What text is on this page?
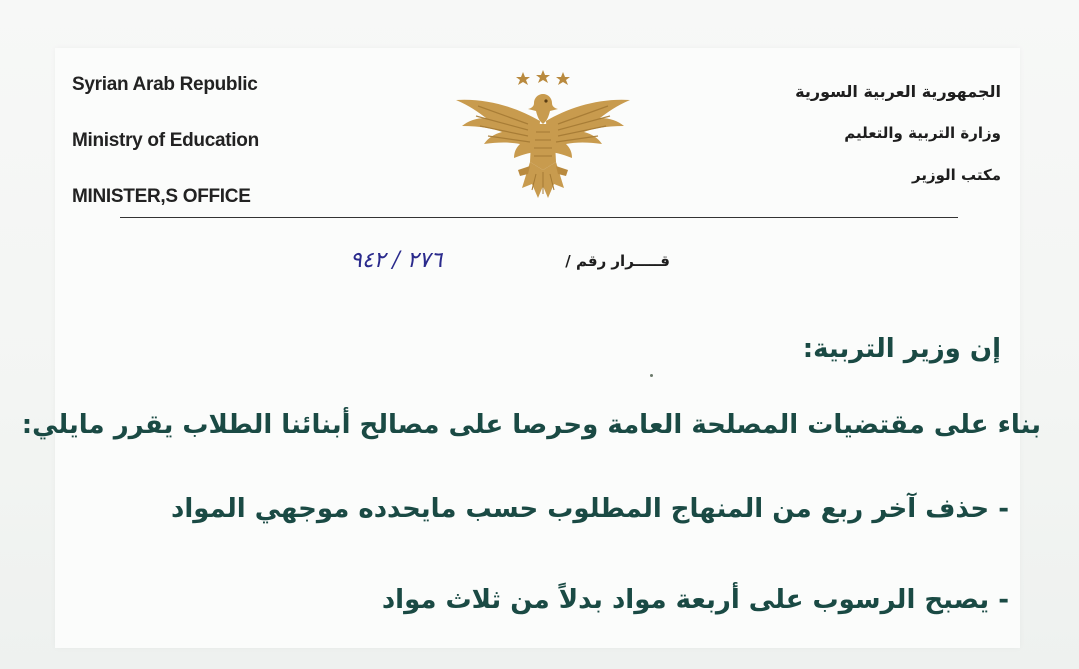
Syrian Arab Republic
Ministry of Education
MINISTER,S OFFICE
الجمهورية العربية السورية
وزارة التربية والتعليم
مكتب الوزير
قـــــرار رقم /
٢٧٦ / ٩٤٢
إن وزير التربية:
بناء على مقتضيات المصلحة العامة وحرصا على مصالح أبنائنا الطلاب يقرر مايلي:
- حذف آخر ربع من المنهاج المطلوب حسب مايحدده موجهي المواد
- يصبح الرسوب على أربعة مواد بدلاً من ثلاث مواد
